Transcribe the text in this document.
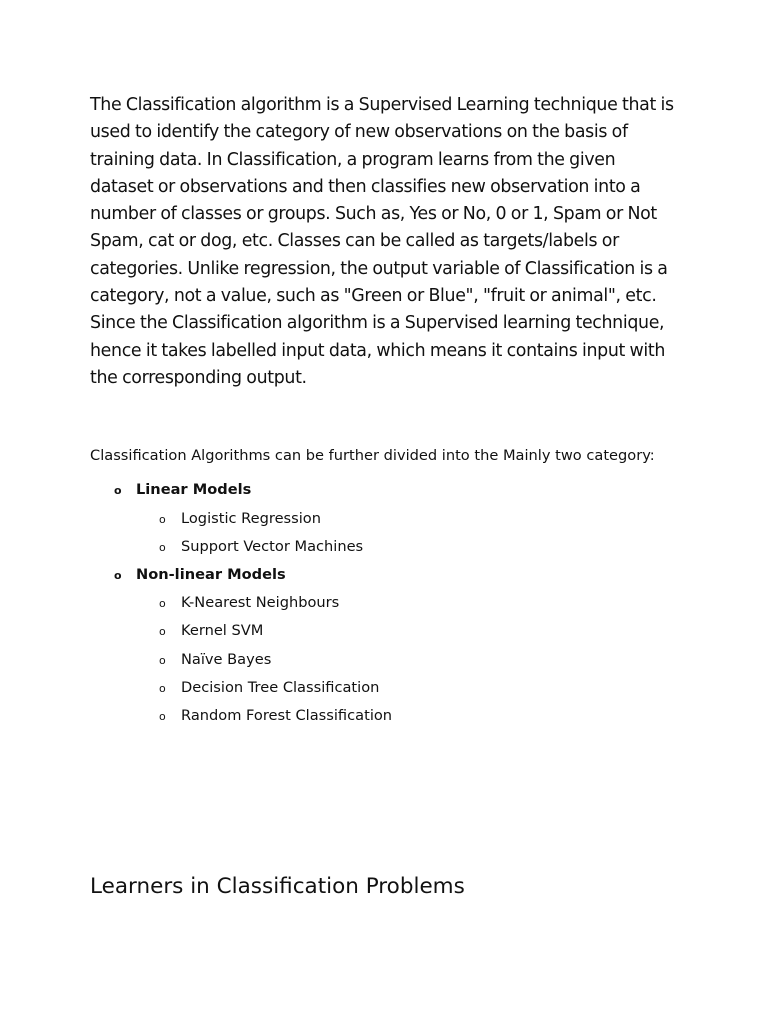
The Classification algorithm is a Supervised Learning technique that is used to identify the category of new observations on the basis of training data. In Classification, a program learns from the given dataset or observations and then classifies new observation into a number of classes or groups. Such as, Yes or No, 0 or 1, Spam or Not Spam, cat or dog, etc. Classes can be called as targets/labels or categories. Unlike regression, the output variable of Classification is a category, not a value, such as "Green or Blue", "fruit or animal", etc. Since the Classification algorithm is a Supervised learning technique, hence it takes labelled input data, which means it contains input with the corresponding output.

Classification Algorithms can be further divided into the Mainly two category:

o Linear Models
o Logistic Regression
o Support Vector Machines
o Non-linear Models
o K-Nearest Neighbours
o Kernel SVM
o Naïve Bayes
o Decision Tree Classification
o Random Forest Classification
Learners in Classification Problems
